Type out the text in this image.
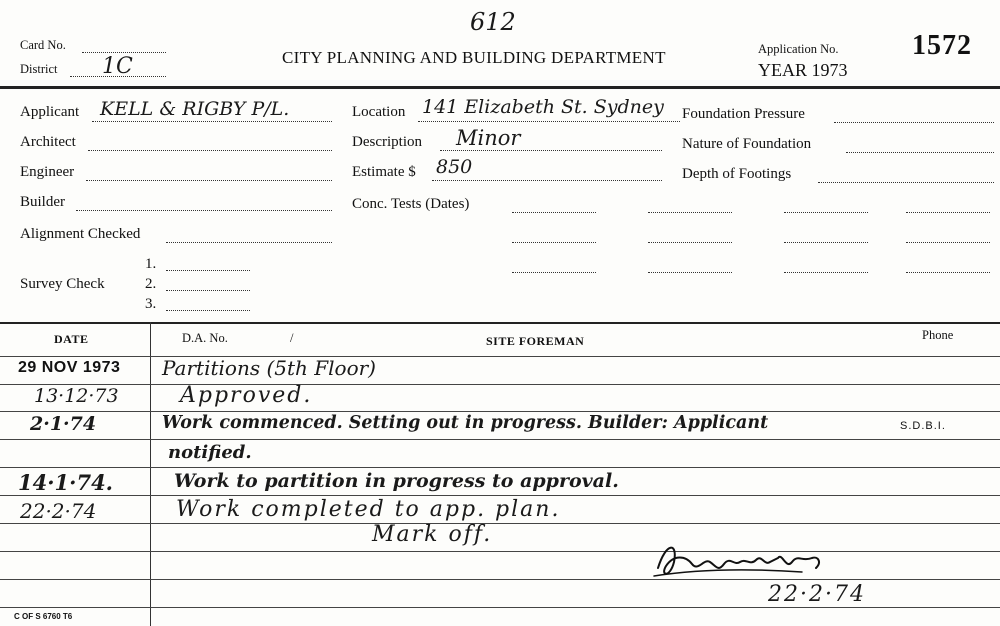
Card No.
District 1C
612
CITY PLANNING AND BUILDING DEPARTMENT	Application No.
YEAR 1973
1572
Applicant KELL & RIGBY P/L.
Architect
Engineer
Builder
Alignment Checked
Survey Check
1.
2.
3.
Location 141 Elizabeth St. Sydney
Description Minor
Estimate $ 850
Conc. Tests (Dates)
Foundation Pressure
Nature of Foundation
Depth of Footings
DATE	D.A. No.	/	SITE FOREMAN	Phone
29 NOV 1973 Partitions (5th Floor)
13·12·73	Approved.
2·1·74	Work commenced. Setting out in progress. Builder: Applicant	S.D.B.I.
notified.
14·1·74.	Work to partition in progress to approval.
22·2·74	Work completed to app. plan.
Mark off.
22·2·74
C OF S 6760 T6
